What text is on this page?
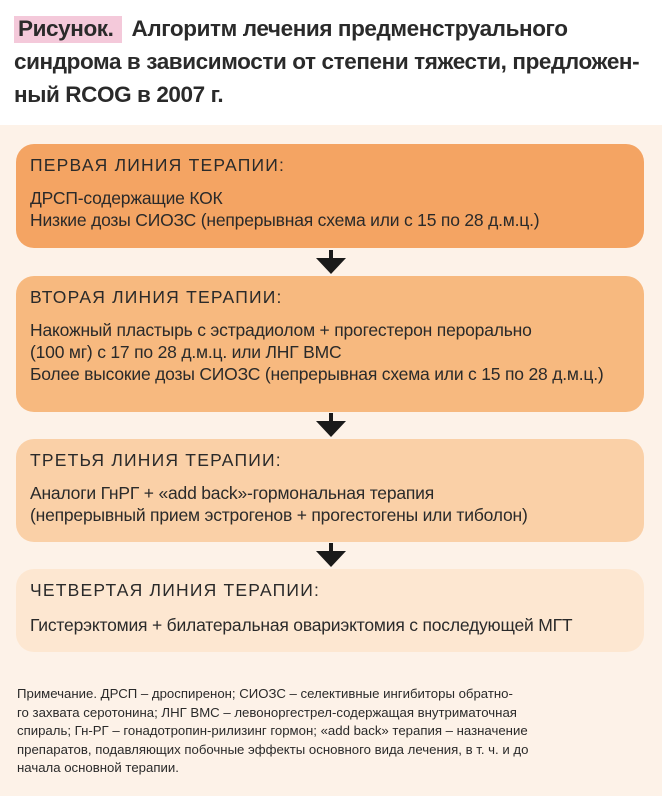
Рисунок. Алгоритм лечения предменструального
синдрома в зависимости от степени тяжести, предложен-
ный RCOG в 2007 г.
ПЕРВАЯ ЛИНИЯ ТЕРАПИИ:
ДРСП-содержащие КОК
Низкие дозы СИОЗС (непрерывная схема или с 15 по 28 д.м.ц.)
ВТОРАЯ ЛИНИЯ ТЕРАПИИ:
Накожный пластырь с эстрадиолом + прогестерон перорально
(100 мг) с 17 по 28 д.м.ц. или ЛНГ ВМС
Более высокие дозы СИОЗС (непрерывная схема или с 15 по 28 д.м.ц.)
ТРЕТЬЯ ЛИНИЯ ТЕРАПИИ:
Аналоги ГнРГ + «add back»-гормональная терапия
(непрерывный прием эстрогенов + прогестогены или тиболон)
ЧЕТВЕРТАЯ ЛИНИЯ ТЕРАПИИ:
Гистерэктомия + билатеральная овариэктомия с последующей МГТ
Примечание. ДРСП – дроспиренон; СИОЗС – селективные ингибиторы обратно-
го захвата серотонина; ЛНГ ВМС – левоноргестрел-содержащая внутриматочная
спираль; Гн-РГ – гонадотропин-рилизинг гормон; «add back» терапия – назначение
препаратов, подавляющих побочные эффекты основного вида лечения, в т. ч. и до
начала основной терапии.
